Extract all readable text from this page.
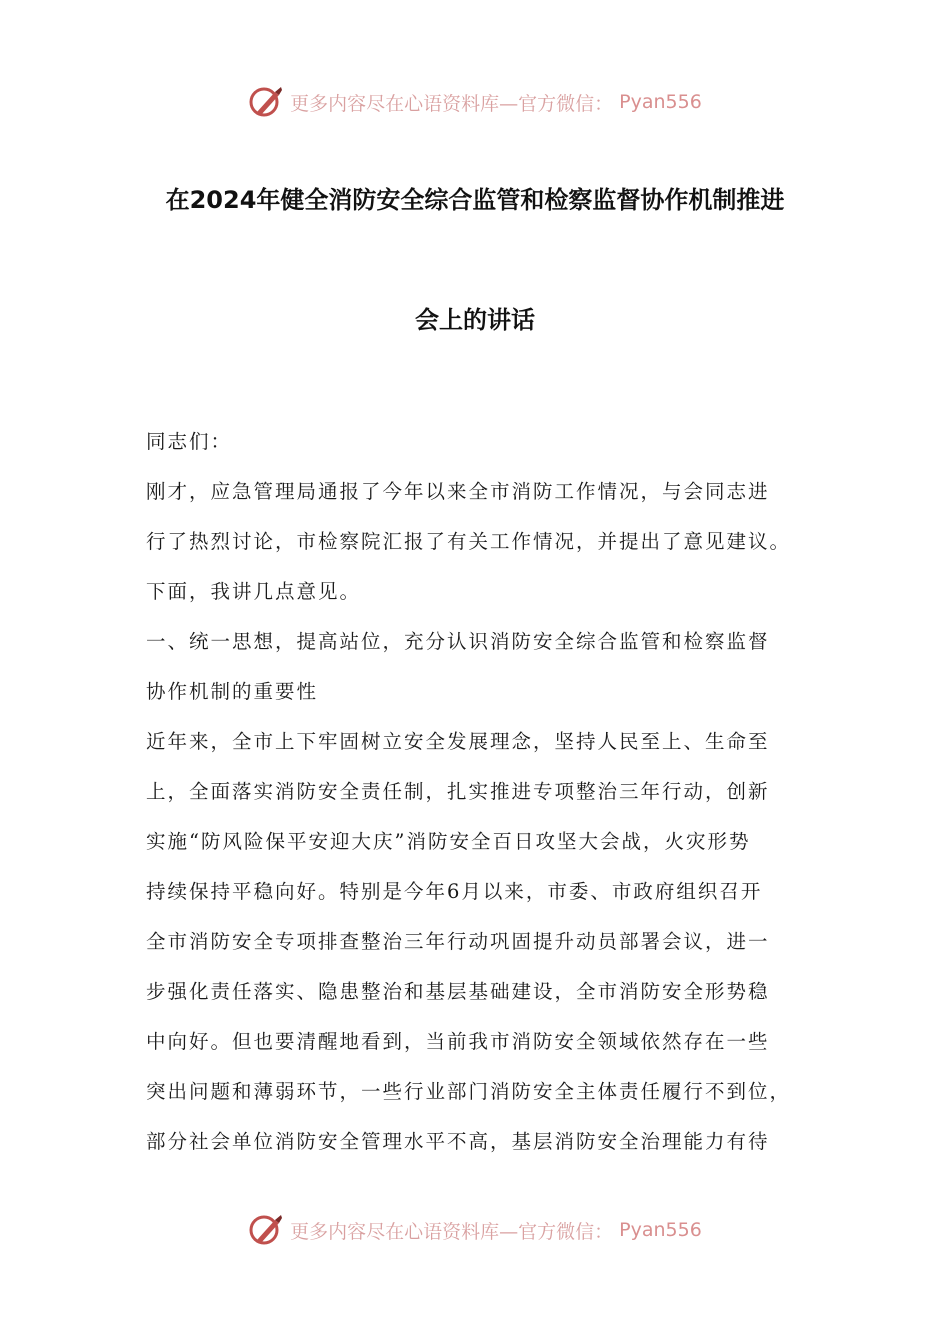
更多内容尽在心语资料库—官方微信： Pyan556
在2024年健全消防安全综合监管和检察监督协作机制推进
会上的讲话

同志们：

刚才，应急管理局通报了今年以来全市消防工作情况，与会同志进

行了热烈讨论，市检察院汇报了有关工作情况，并提出了意见建议。

下面，我讲几点意见。

一、统一思想，提高站位，充分认识消防安全综合监管和检察监督

协作机制的重要性

近年来，全市上下牢固树立安全发展理念，坚持人民至上、生命至

上，全面落实消防安全责任制，扎实推进专项整治三年行动，创新

实施“防风险保平安迎大庆”消防安全百日攻坚大会战，火灾形势

持续保持平稳向好。特别是今年6月以来，市委、市政府组织召开

全市消防安全专项排查整治三年行动巩固提升动员部署会议，进一

步强化责任落实、隐患整治和基层基础建设，全市消防安全形势稳

中向好。但也要清醒地看到，当前我市消防安全领域依然存在一些

突出问题和薄弱环节，一些行业部门消防安全主体责任履行不到位，

部分社会单位消防安全管理水平不高，基层消防安全治理能力有待

更多内容尽在心语资料库—官方微信： Pyan556
